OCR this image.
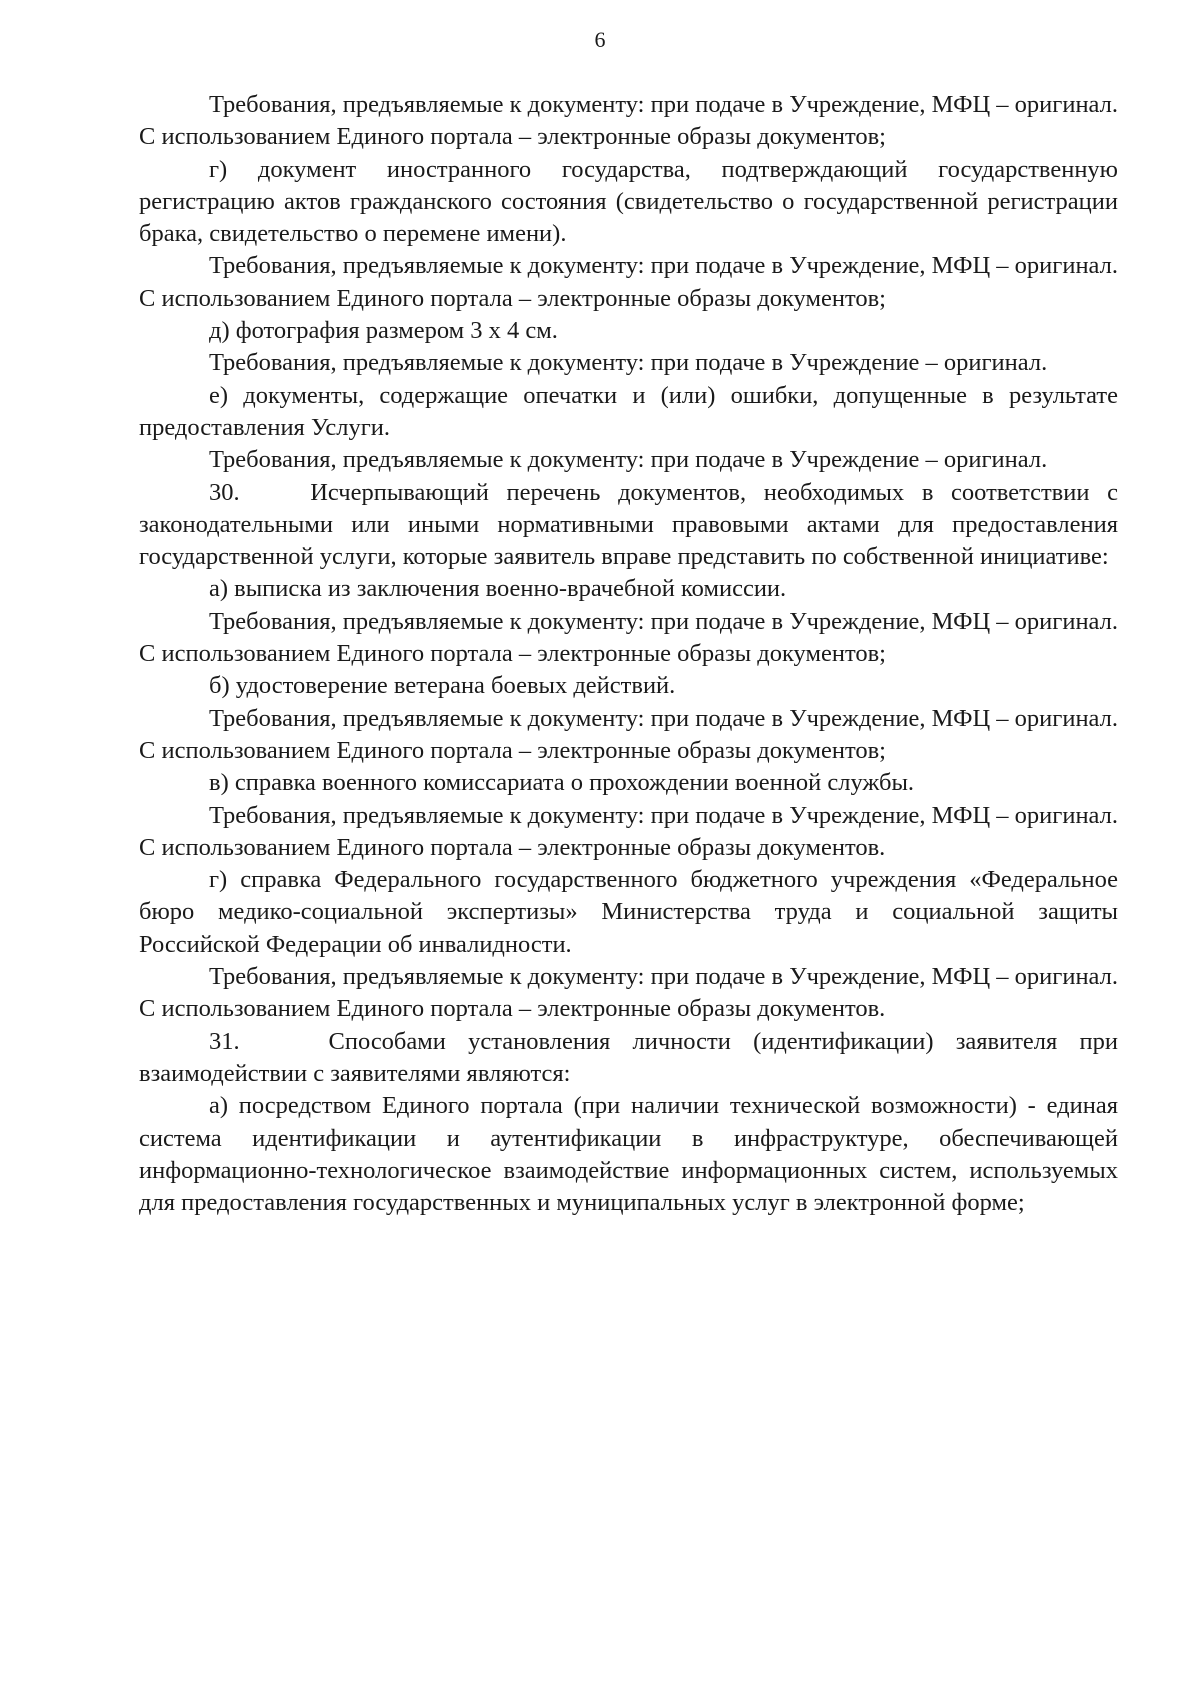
6

Требования, предъявляемые к документу: при подаче в Учреждение, МФЦ – оригинал. С использованием Единого портала – электронные образы документов;

г) документ иностранного государства, подтверждающий государственную регистрацию актов гражданского состояния (свидетельство о государственной регистрации брака, свидетельство о перемене имени).

Требования, предъявляемые к документу: при подаче в Учреждение, МФЦ – оригинал. С использованием Единого портала – электронные образы документов;

д) фотография размером 3 х 4 см.

Требования, предъявляемые к документу: при подаче в Учреждение – оригинал.

е) документы, содержащие опечатки и (или) ошибки, допущенные в результате предоставления Услуги.

Требования, предъявляемые к документу: при подаче в Учреждение – оригинал.

30.    Исчерпывающий перечень документов, необходимых в соответствии с законодательными или иными нормативными правовыми актами для предоставления государственной услуги, которые заявитель вправе представить по собственной инициативе:

а) выписка из заключения военно-врачебной комиссии.

Требования, предъявляемые к документу: при подаче в Учреждение, МФЦ – оригинал. С использованием Единого портала – электронные образы документов;

б) удостоверение ветерана боевых действий.

Требования, предъявляемые к документу: при подаче в Учреждение, МФЦ – оригинал. С использованием Единого портала – электронные образы документов;

в) справка военного комиссариата о прохождении военной службы.

Требования, предъявляемые к документу: при подаче в Учреждение, МФЦ – оригинал. С использованием Единого портала – электронные образы документов.

г) справка Федерального государственного бюджетного учреждения «Федеральное бюро медико-социальной экспертизы» Министерства труда и социальной защиты Российской Федерации об инвалидности.

Требования, предъявляемые к документу: при подаче в Учреждение, МФЦ – оригинал. С использованием Единого портала – электронные образы документов.

31.    Способами установления личности (идентификации) заявителя при взаимодействии с заявителями являются:

а) посредством Единого портала (при наличии технической возможности) - единая система идентификации и аутентификации в инфраструктуре, обеспечивающей информационно-технологическое взаимодействие информационных систем, используемых для предоставления государственных и муниципальных услуг в электронной форме;
